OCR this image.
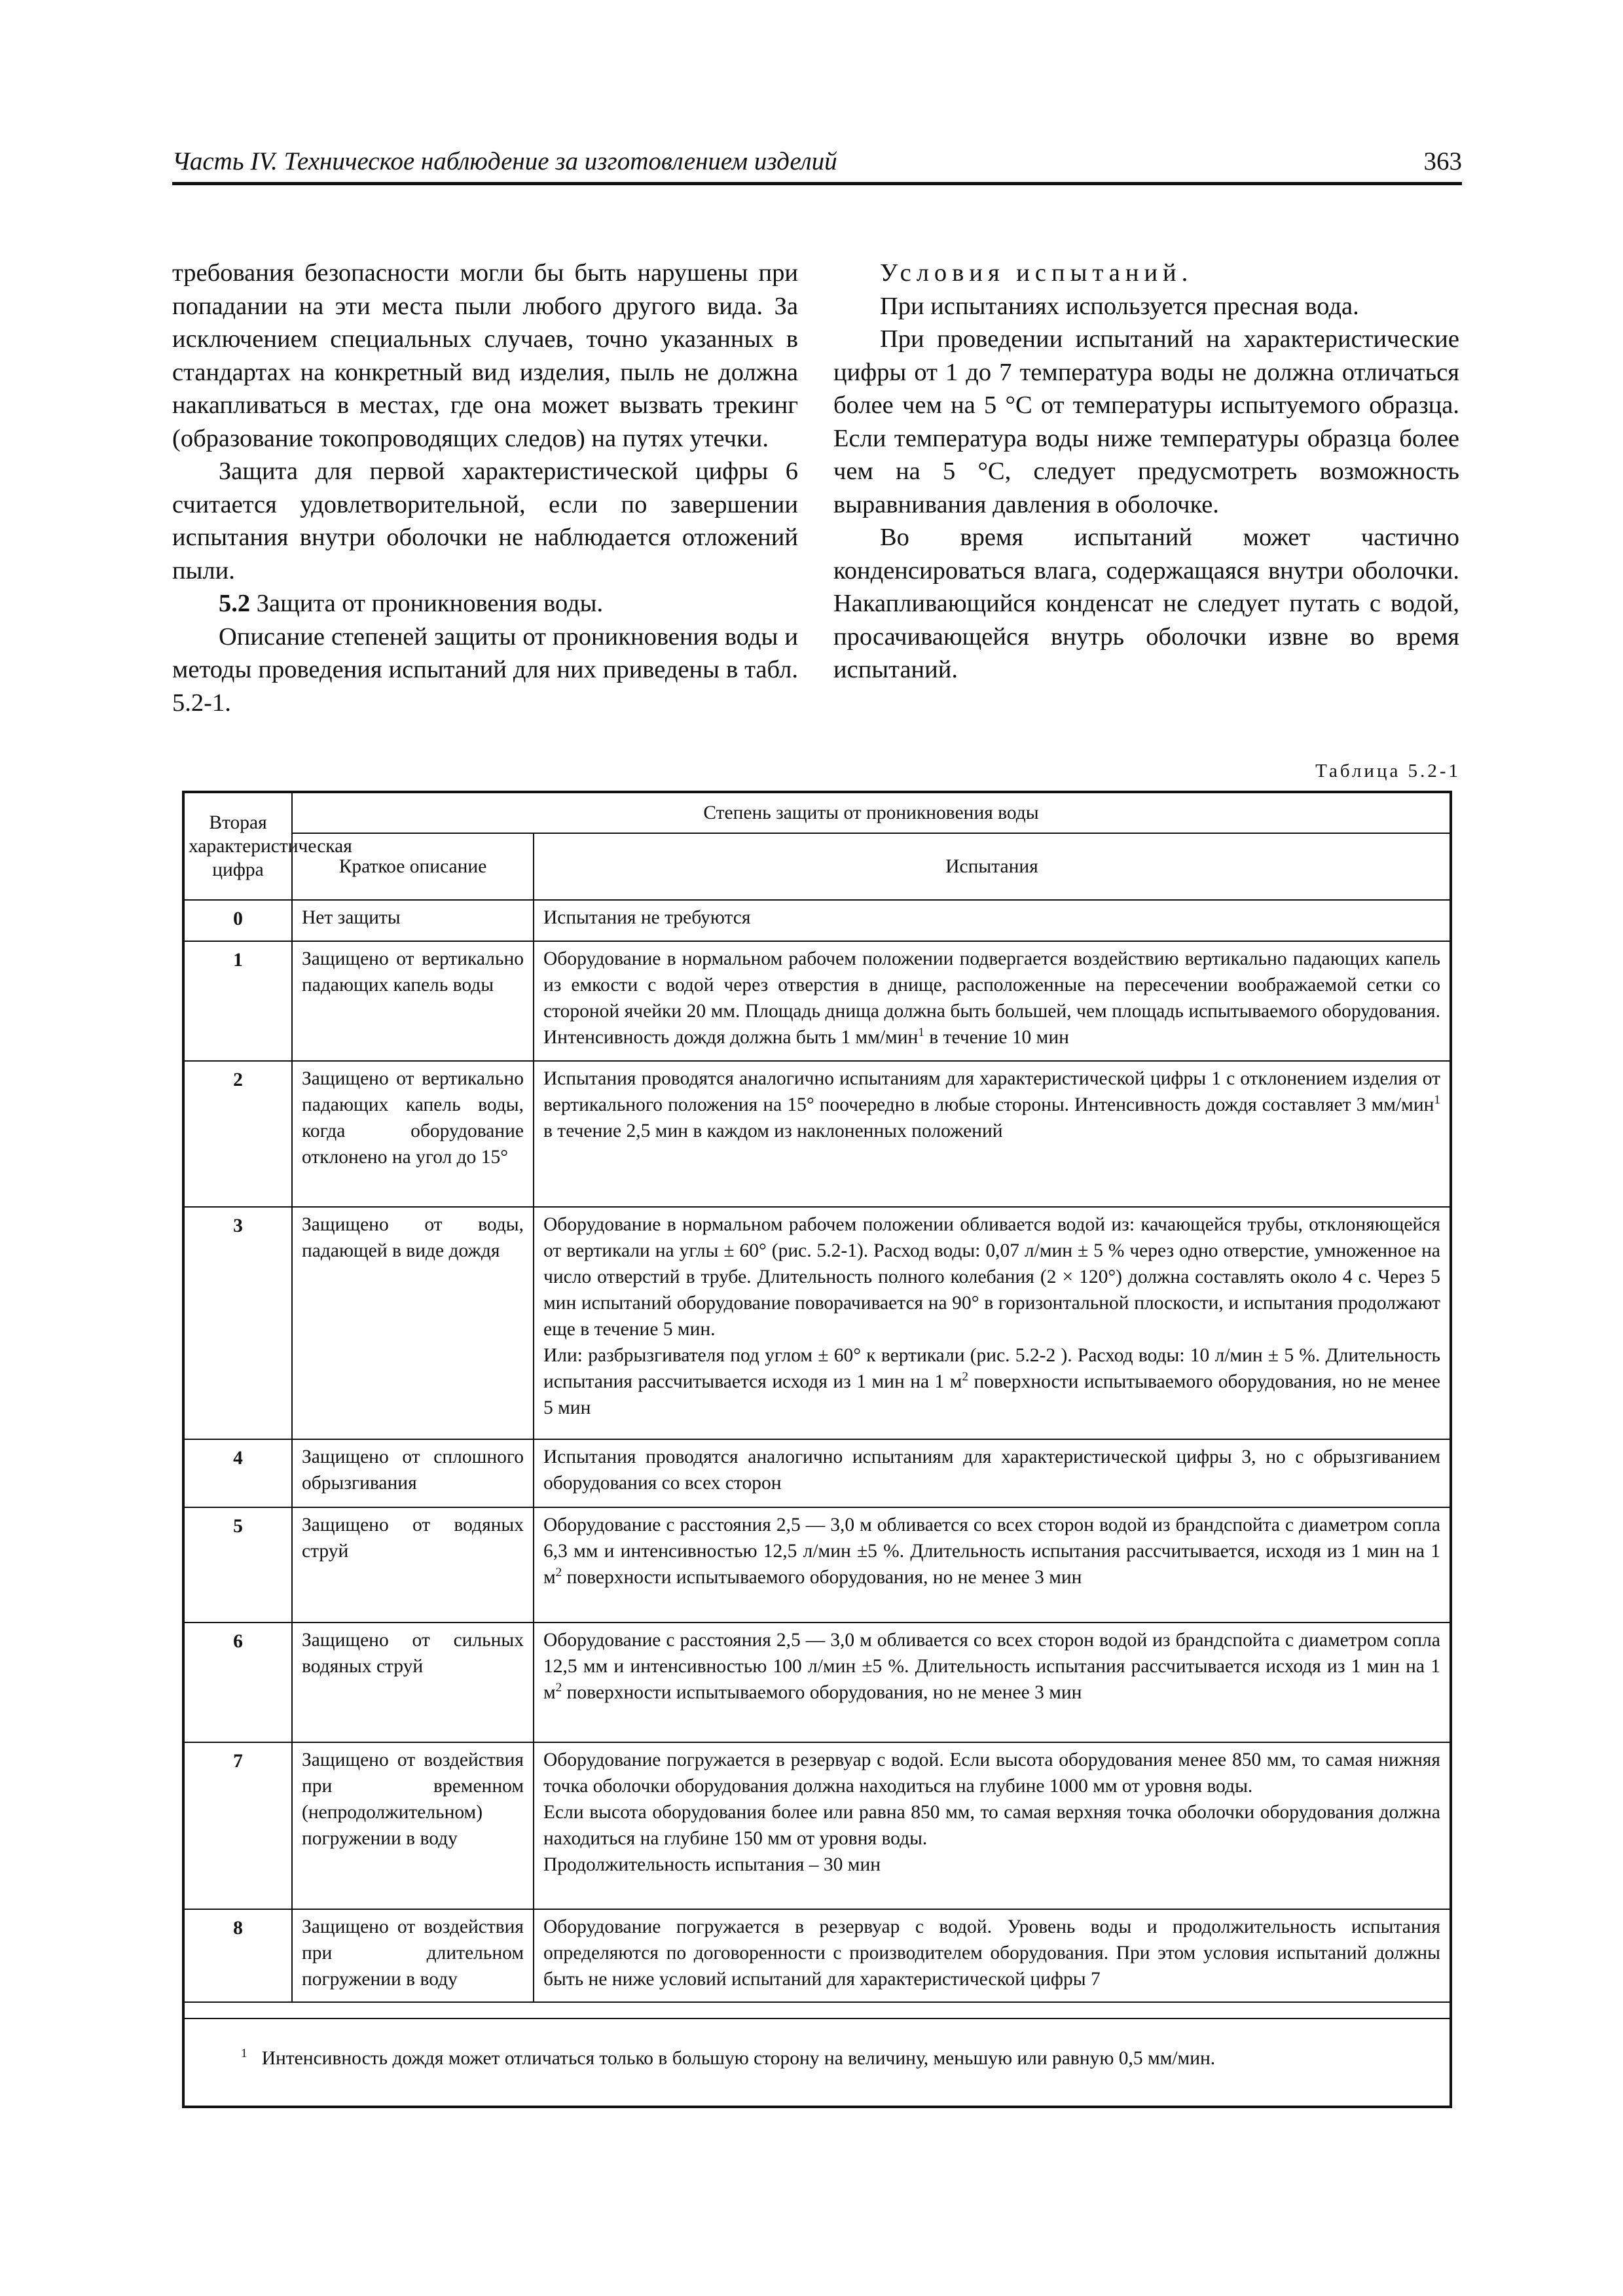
Часть IV. Техническое наблюдение за изготовлением изделий	363

требования безопасности могли бы быть нарушены при попадании на эти места пыли любого другого вида. За исключением специальных случаев, точно указанных в стандартах на конкретный вид изделия, пыль не должна накапливаться в местах, где она может вызвать трекинг (образование токопроводящих следов) на путях утечки.

Защита для первой характеристической цифры 6 считается удовлетворительной, если по завершении испытания внутри оболочки не наблюдается отложений пыли.

5.2 Защита от проникновения воды.

Описание степеней защиты от проникновения воды и методы проведения испытаний для них приведены в табл. 5.2-1.

Условия испытаний.

При испытаниях используется пресная вода.

При проведении испытаний на характеристические цифры от 1 до 7 температура воды не должна отличаться более чем на 5 °С от температуры испытуемого образца. Если температура воды ниже температуры образца более чем на 5 °С, следует предусмотреть возможность выравнивания давления в оболочке.

Во время испытаний может частично конденсироваться влага, содержащаяся внутри оболочки. Накапливающийся конденсат не следует путать с водой, просачивающейся внутрь оболочки извне во время испытаний.

Таблица 5.2-1
Вторая характеристическая цифра	Степень защиты от проникновения воды	
	Краткое описание	Испытания
0	Нет защиты	Испытания не требуются
1	Защищено от вертикально падающих капель воды	Оборудование в нормальном рабочем положении подвергается воздействию вертикально падающих капель из емкости с водой через отверстия в днище, расположенные на пересечении воображаемой сетки со стороной ячейки 20 мм. Площадь днища должна быть большей, чем площадь испытываемого оборудования. Интенсивность дождя должна быть 1 мм/мин$^1$ в течение 10 мин
2	Защищено от вертикально падающих капель воды, когда оборудование отклонено на угол до 15°	Испытания проводятся аналогично испытаниям для характеристической цифры 1 с отклонением изделия от вертикального положения на 15° поочередно в любые стороны. Интенсивность дождя составляет 3 мм/мин$^1$ в течение 2,5 мин в каждом из наклоненных положений
3	Защищено от воды, падающей в виде дождя	Оборудование в нормальном рабочем положении обливается водой из: качающейся трубы, отклоняющейся от вертикали на углы ± 60° (рис. 5.2-1). Расход воды: 0,07 л/мин ± 5 % через одно отверстие, умноженное на число отверстий в трубе. Длительность полного колебания (2 × 120°) должна составлять около 4 с. Через 5 мин испытаний оборудование поворачивается на 90° в горизонтальной плоскости, и испытания продолжают еще в течение 5 мин.
Или: разбрызгивателя под углом ± 60° к вертикали (рис. 5.2-2 ). Расход воды: 10 л/мин ± 5 %. Длительность испытания рассчитывается исходя из 1 мин на 1 $м^2$ поверхности испытываемого оборудования, но не менее 5 мин
4	Защищено от сплошного обрызгивания	Испытания проводятся аналогично испытаниям для характеристической цифры 3, но с обрызгиванием оборудования со всех сторон
5	Защищено от водяных струй	Оборудование с расстояния 2,5 — 3,0 м обливается со всех сторон водой из брандспойта с диаметром сопла 6,3 мм и интенсивностью 12,5 л/мин ±5 %. Длительность испытания рассчитывается, исходя из 1 мин на 1 $м^2$ поверхности испытываемого оборудования, но не менее 3 мин
6	Защищено от сильных водяных струй	Оборудование с расстояния 2,5 — 3,0 м обливается со всех сторон водой из брандспойта с диаметром сопла 12,5 мм и интенсивностью 100 л/мин ±5 %. Длительность испытания рассчитывается исходя из 1 мин на 1 $м^2$ поверхности испытываемого оборудования, но не менее 3 мин
7	Защищено от воздействия при временном (непродолжительном) погружении в воду	Оборудование погружается в резервуар с водой. Если высота оборудования менее 850 мм, то самая нижняя точка оболочки оборудования должна находиться на глубине 1000 мм от уровня воды.
Если высота оборудования более или равна 850 мм, то самая верхняя точка оболочки оборудования должна находиться на глубине 150 мм от уровня воды.
Продолжительность испытания – 30 мин
8	Защищено от воздействия при длительном погружении в воду	Оборудование погружается в резервуар с водой. Уровень воды и продолжительность испытания определяются по договоренности с производителем оборудования. При этом условия испытаний должны быть не ниже условий испытаний для характеристической цифры 7
$^1$ Интенсивность дождя может отличаться только в большую сторону на величину, меньшую или равную 0,5 мм/мин.
